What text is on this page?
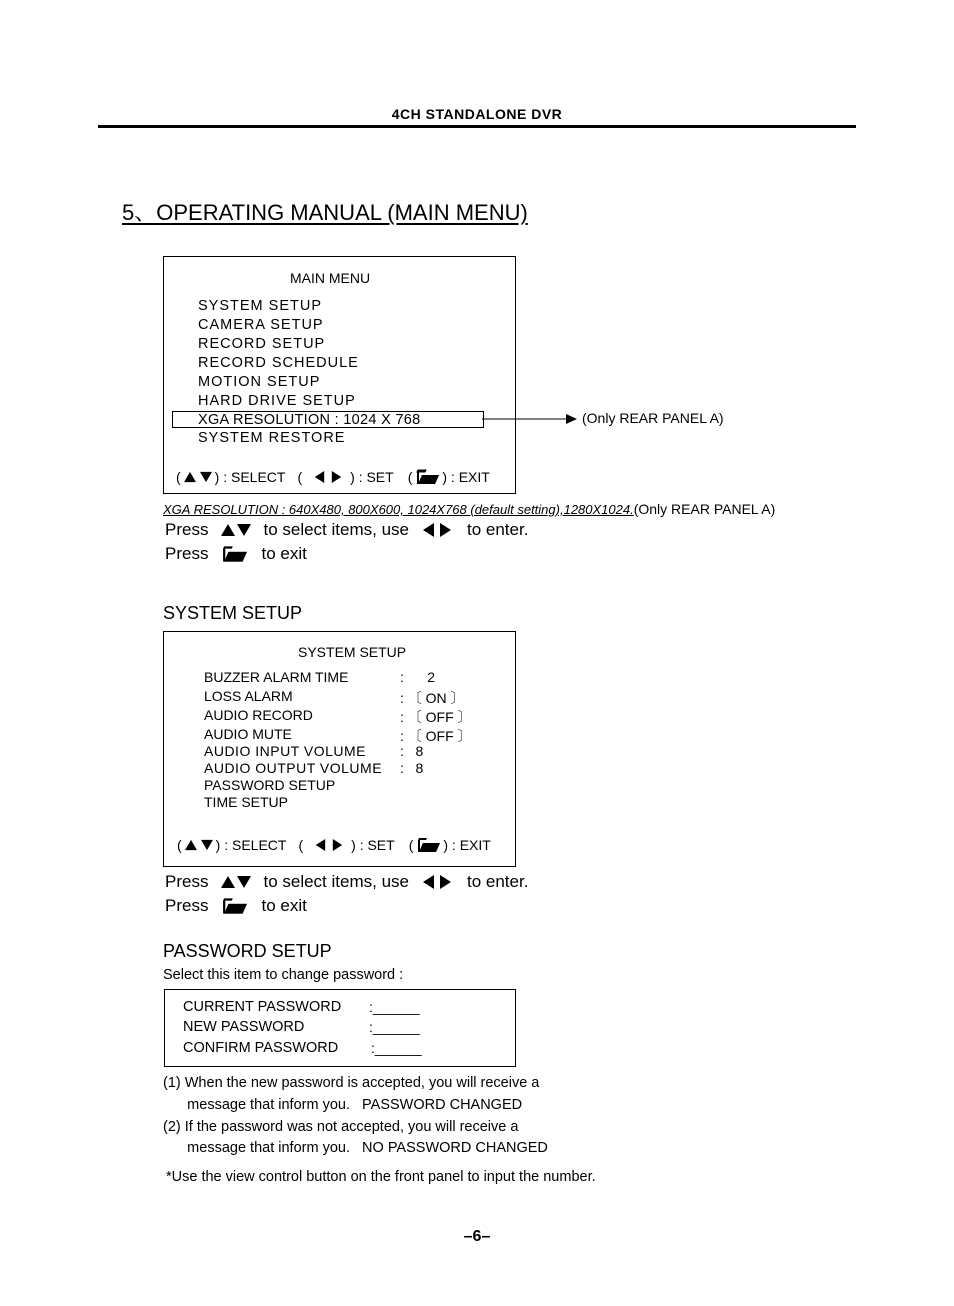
4CH STANDALONE DVR
5、OPERATING MANUAL (MAIN MENU)
MAIN MENU
SYSTEM SETUP
CAMERA SETUP
RECORD SETUP
RECORD SCHEDULE
MOTION SETUP
HARD DRIVE SETUP
XGA RESOLUTION : 1024 X 768
SYSTEM RESTORE
( ) : SELECT (	) : SET ( ) : EXIT
(Only REAR PANEL A)
XGA RESOLUTION : 640X480, 800X600, 1024X768 (default setting),1280X1024.(Only REAR PANEL A)
Press	to select items, use	to enter.
Press	to exit
SYSTEM SETUP
SYSTEM SETUP
BUZZER ALARM TIME	:      2
LOSS ALARM	: 〔 ON 〕
AUDIO RECORD	: 〔 OFF 〕
AUDIO MUTE	: 〔 OFF 〕
AUDIO INPUT VOLUME :   8
AUDIO OUTPUT VOLUME :   8
PASSWORD SETUP
TIME SETUP
( ) : SELECT (	) : SET ( ) : EXIT
Press	to select items, use	to enter.
Press	to exit
PASSWORD SETUP
Select this item to change password :
CURRENT PASSWORD :______
NEW PASSWORD	:______
CONFIRM PASSWORD :______
(1) When the new password is accepted, you will receive a
message that inform you.   PASSWORD CHANGED
(2) If the password was not accepted, you will receive a
message that inform you.   NO PASSWORD CHANGED
*Use the view control button on the front panel to input the number.
–6–
